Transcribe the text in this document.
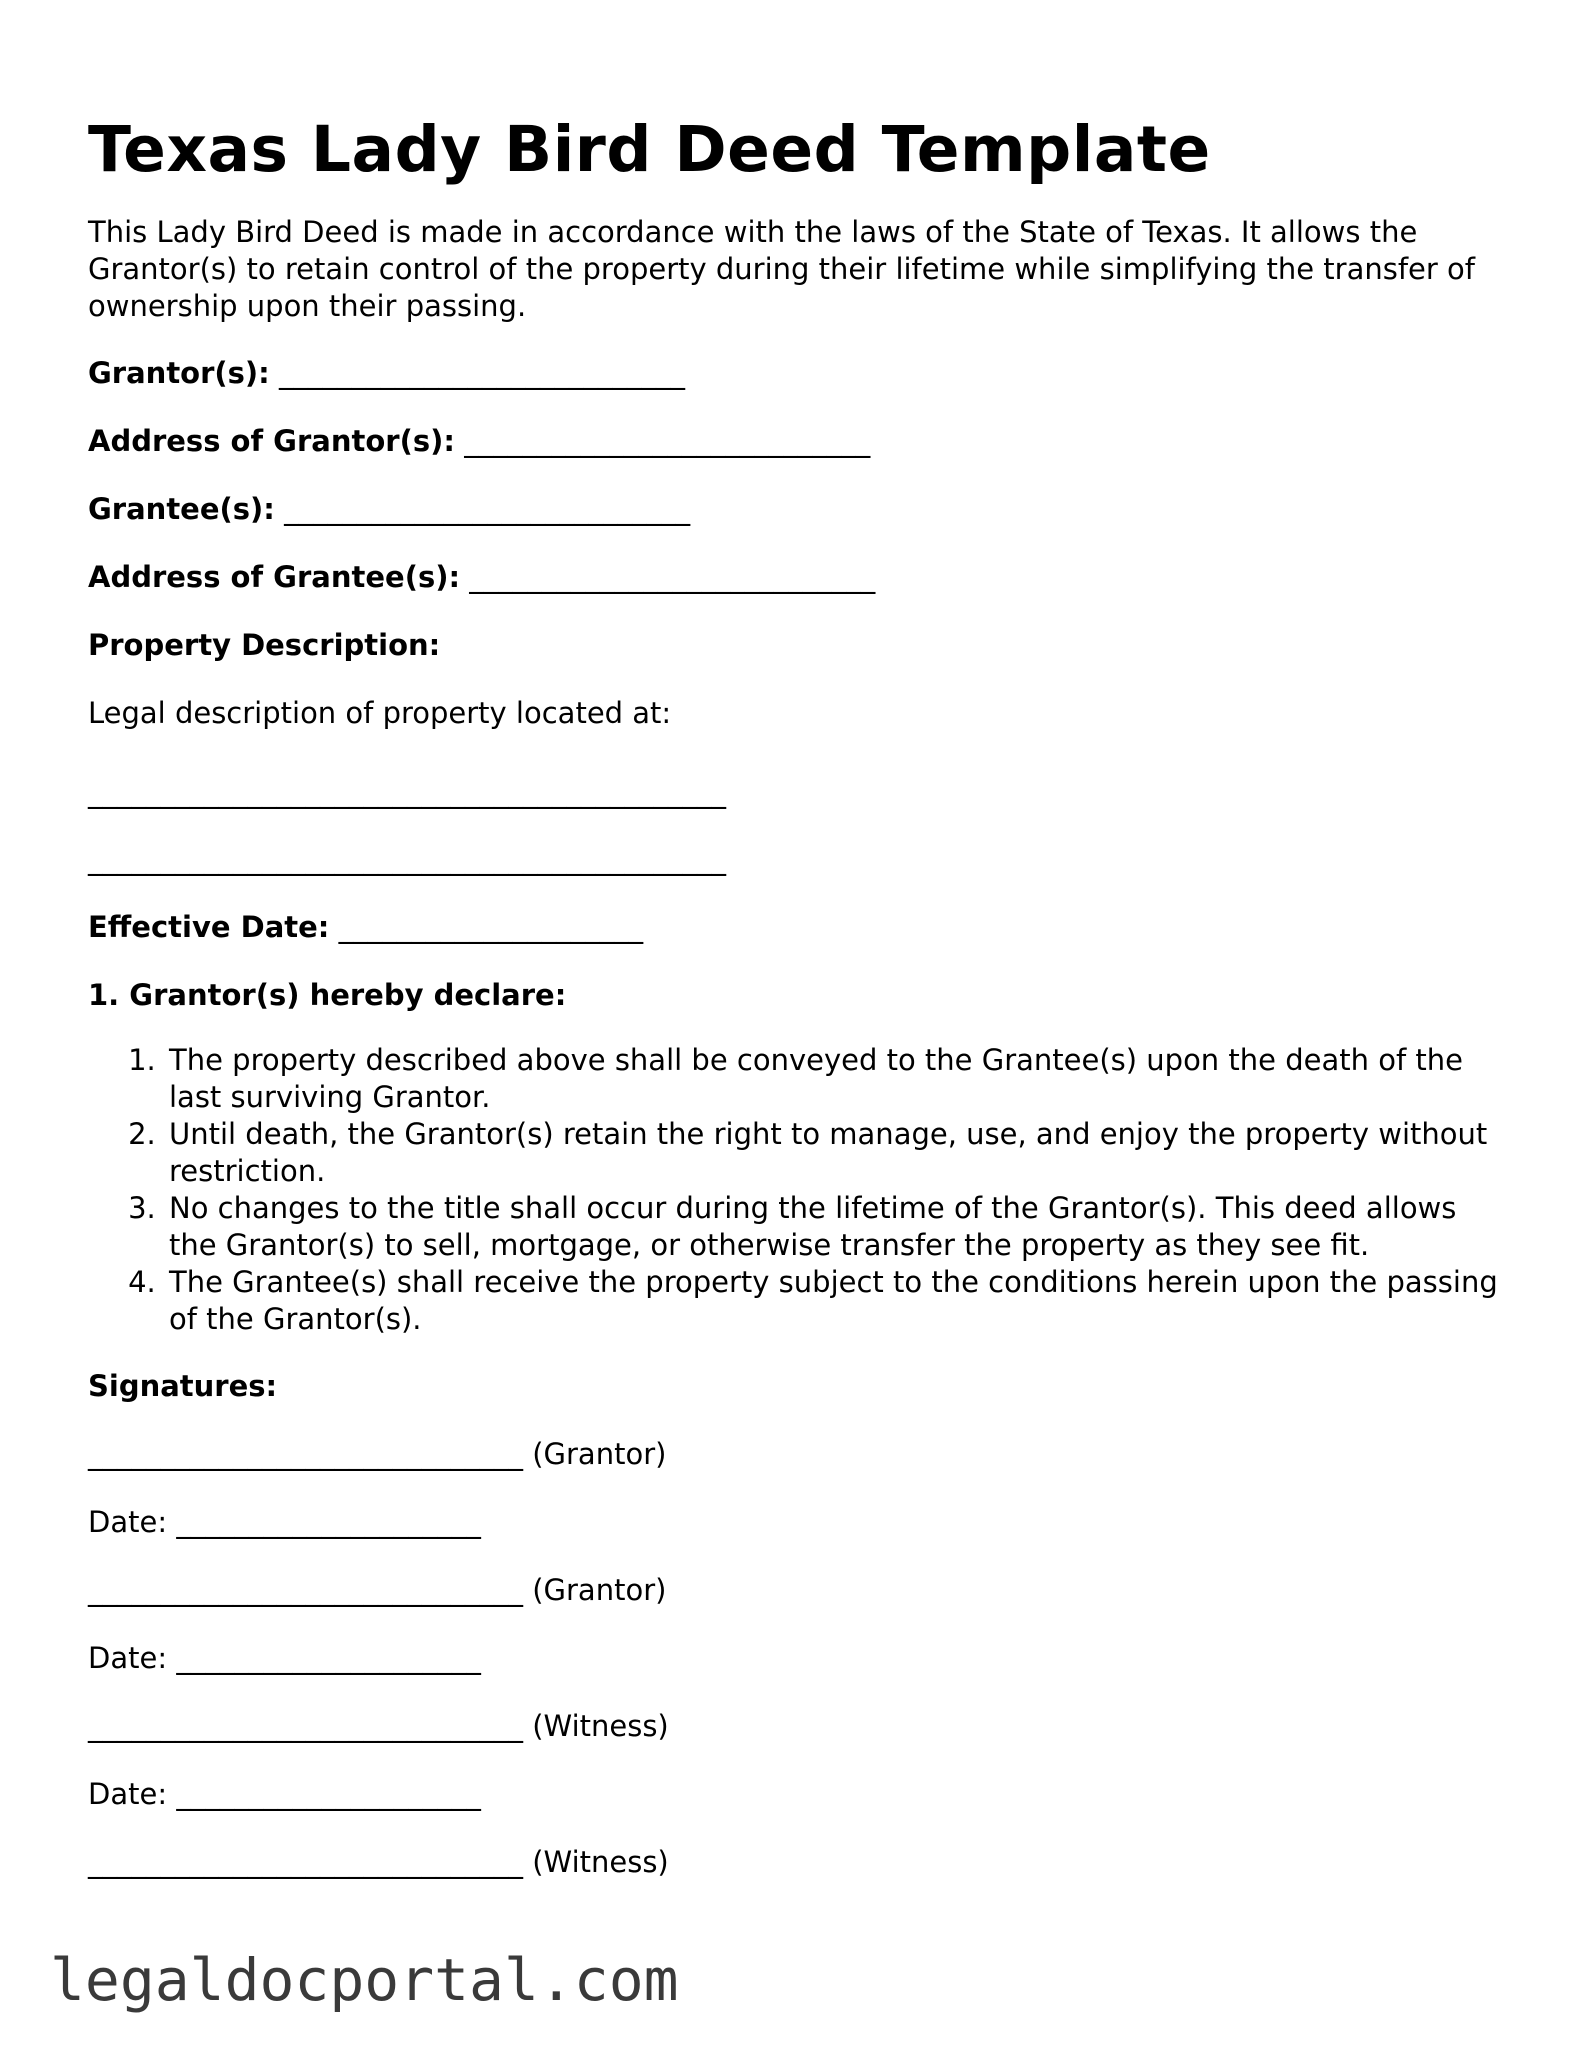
Texas Lady Bird Deed Template

This Lady Bird Deed is made in accordance with the laws of the State of Texas. It allows the Grantor(s) to retain control of the property during their lifetime while simplifying the transfer of ownership upon their passing.

Grantor(s): ____________________________

Address of Grantor(s): ____________________________

Grantee(s): ____________________________

Address of Grantee(s): ____________________________

Property Description:

Legal description of property located at:

____________________________________________

____________________________________________

Effective Date: _____________________

1. Grantor(s) hereby declare:

1. The property described above shall be conveyed to the Grantee(s) upon the death of the last surviving Grantor.
2. Until death, the Grantor(s) retain the right to manage, use, and enjoy the property without restriction.
3. No changes to the title shall occur during the lifetime of the Grantor(s). This deed allows the Grantor(s) to sell, mortgage, or otherwise transfer the property as they see fit.
4. The Grantee(s) shall receive the property subject to the conditions herein upon the passing of the Grantor(s).

Signatures:

______________________________ (Grantor)

Date: _____________________

______________________________ (Grantor)

Date: _____________________

______________________________ (Witness)

Date: _____________________

______________________________ (Witness)

legaldocportal.com
